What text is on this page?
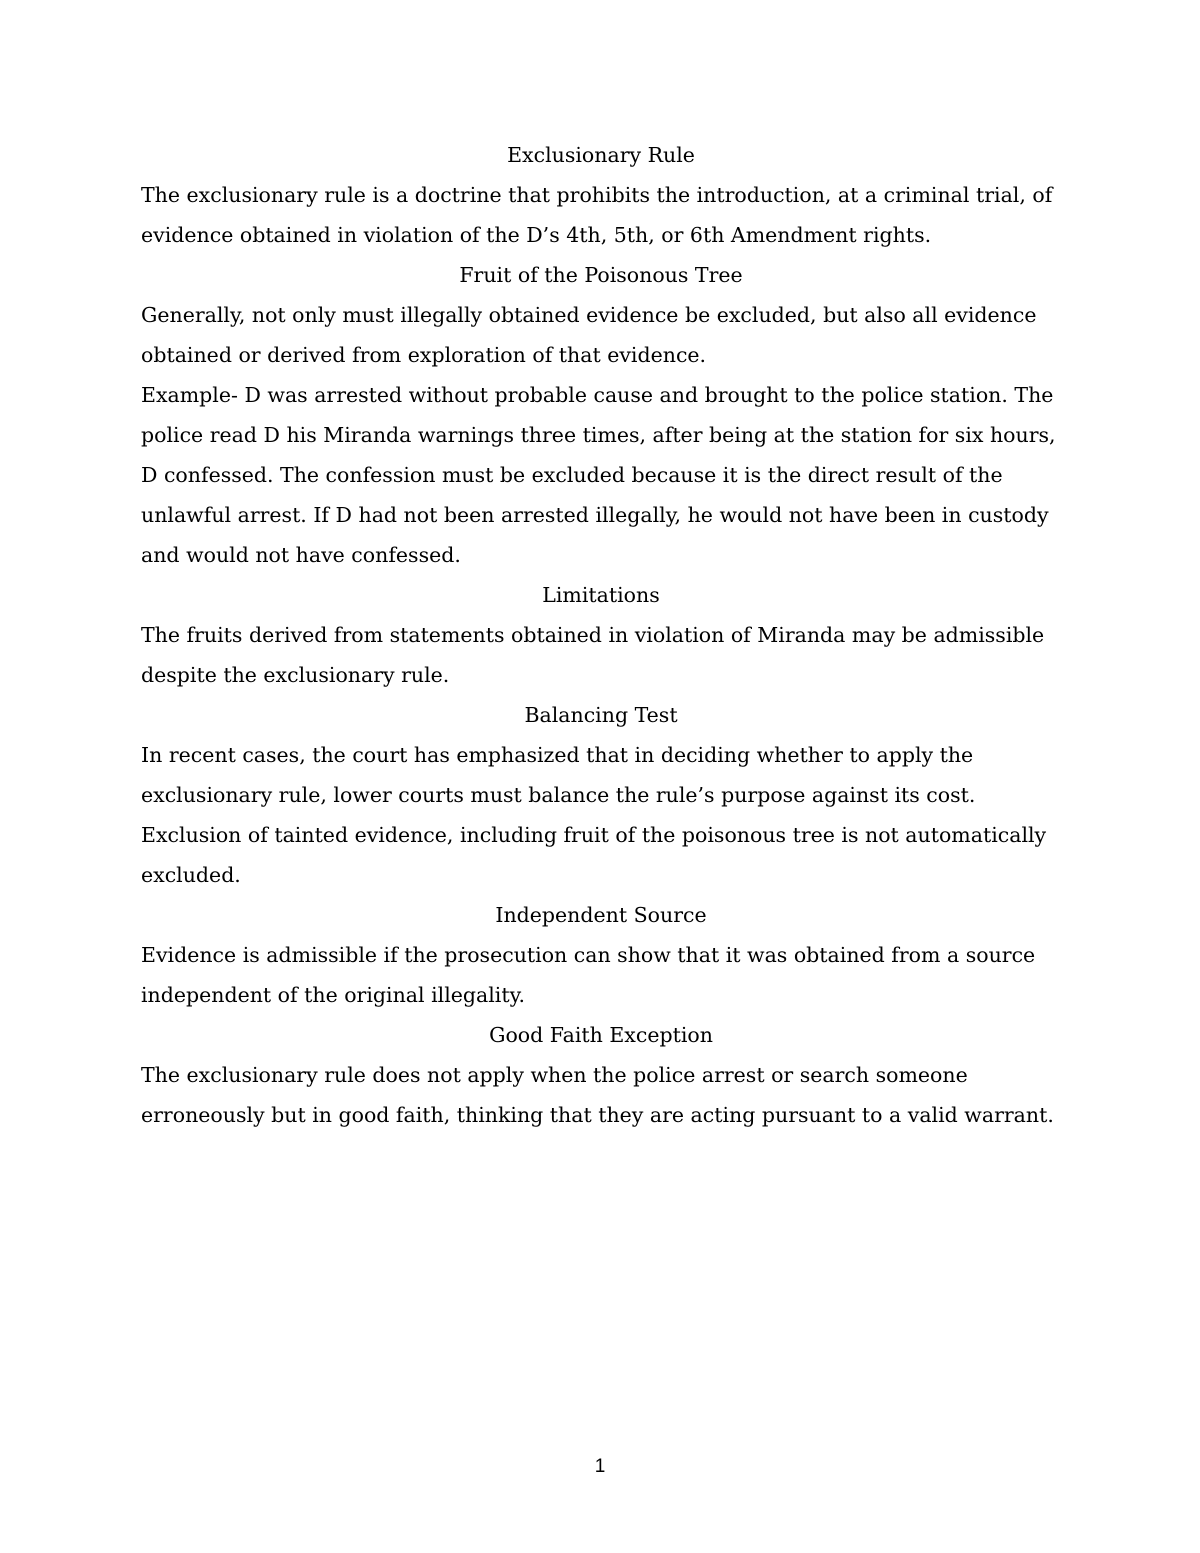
Exclusionary Rule

The exclusionary rule is a doctrine that prohibits the introduction, at a criminal trial, of evidence obtained in violation of the D’s 4th, 5th, or 6th Amendment rights.

Fruit of the Poisonous Tree

Generally, not only must illegally obtained evidence be excluded, but also all evidence obtained or derived from exploration of that evidence.

Example- D was arrested without probable cause and brought to the police station. The police read D his Miranda warnings three times, after being at the station for six hours, D confessed. The confession must be excluded because it is the direct result of the unlawful arrest. If D had not been arrested illegally, he would not have been in custody and would not have confessed.

Limitations

The fruits derived from statements obtained in violation of Miranda may be admissible despite the exclusionary rule.

Balancing Test

In recent cases, the court has emphasized that in deciding whether to apply the exclusionary rule, lower courts must balance the rule’s purpose against its cost. Exclusion of tainted evidence, including fruit of the poisonous tree is not automatically excluded.

Independent Source

Evidence is admissible if the prosecution can show that it was obtained from a source independent of the original illegality.

Good Faith Exception

The exclusionary rule does not apply when the police arrest or search someone erroneously but in good faith, thinking that they are acting pursuant to a valid warrant.

1
